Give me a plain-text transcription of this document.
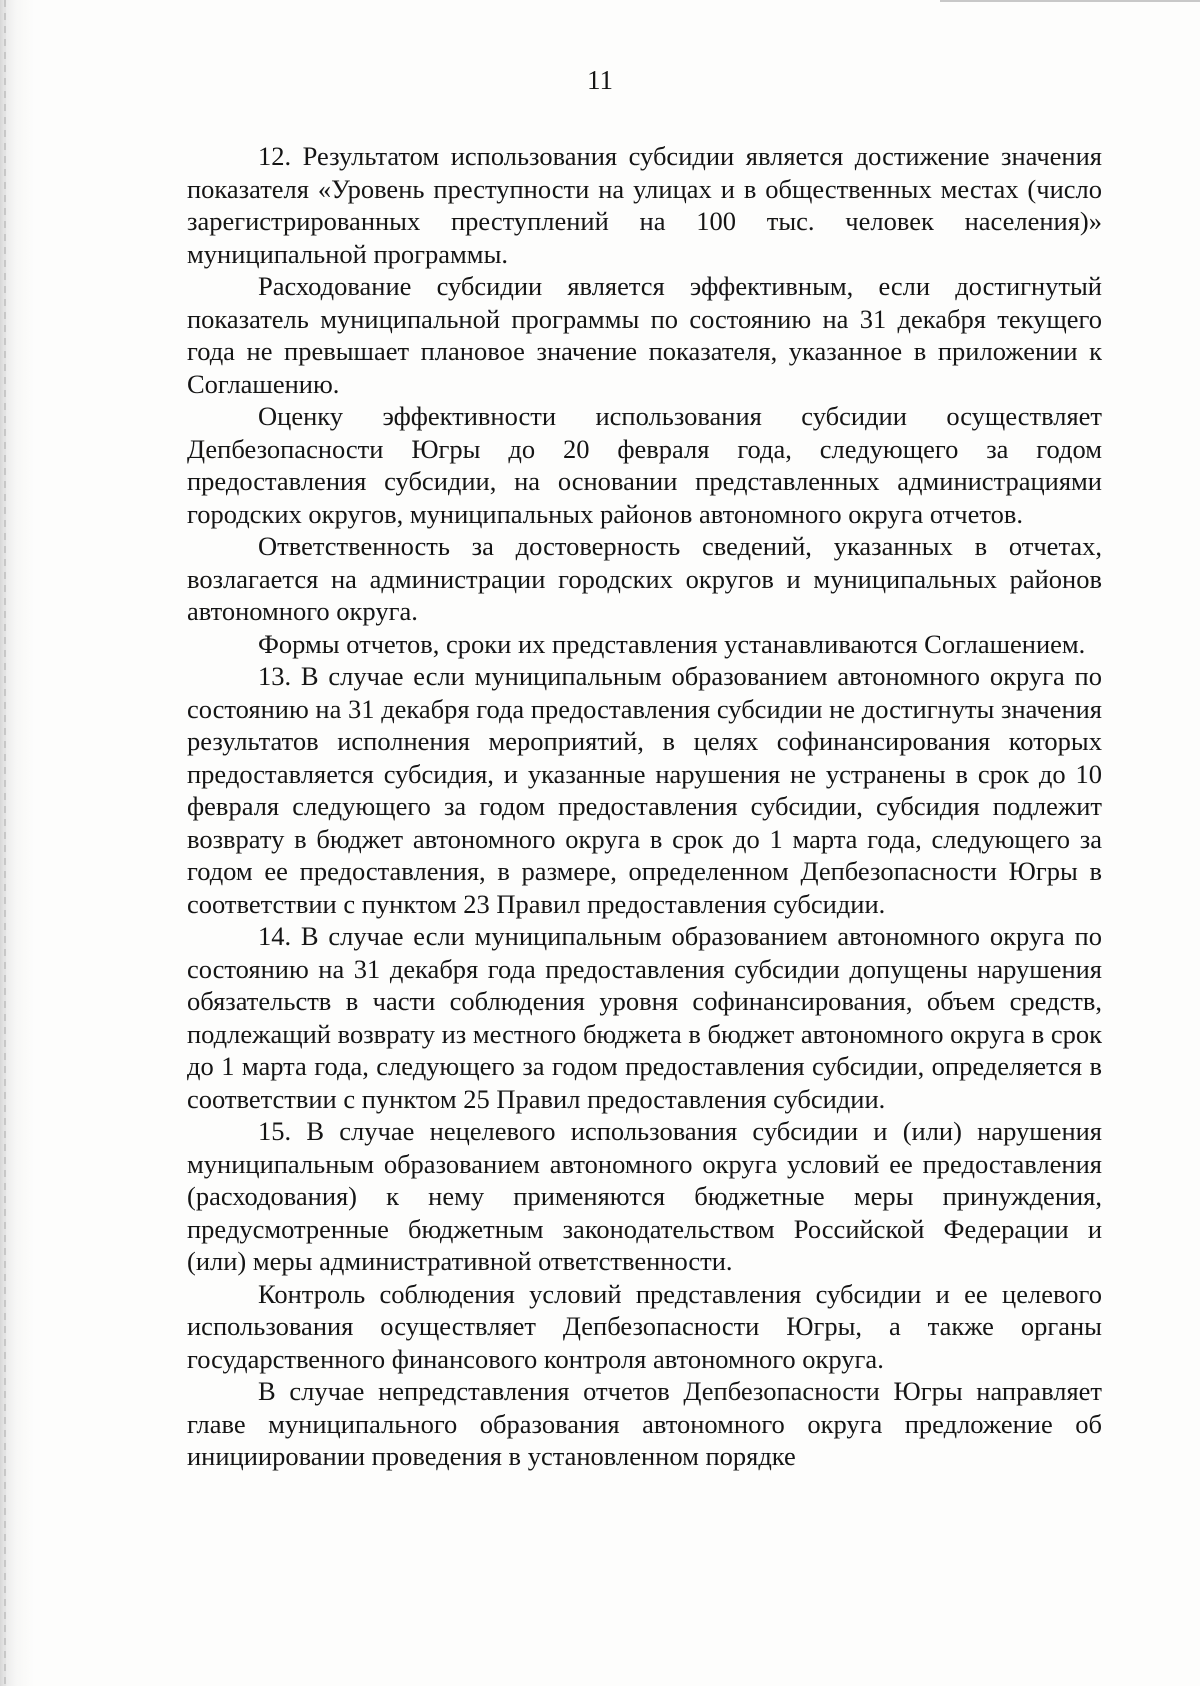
11

12. Результатом использования субсидии является достижение значения показателя «Уровень преступности на улицах и в общественных местах (число зарегистрированных преступлений на 100 тыс. человек населения)» муниципальной программы.

Расходование субсидии является эффективным, если достигнутый показатель муниципальной программы по состоянию на 31 декабря текущего года не превышает плановое значение показателя, указанное в приложении к Соглашению.

Оценку эффективности использования субсидии осуществляет Депбезопасности Югры до 20 февраля года, следующего за годом предоставления субсидии, на основании представленных администрациями городских округов, муниципальных районов автономного округа отчетов.

Ответственность за достоверность сведений, указанных в отчетах, возлагается на администрации городских округов и муниципальных районов автономного округа.

Формы отчетов, сроки их представления устанавливаются Соглашением.

13. В случае если муниципальным образованием автономного округа по состоянию на 31 декабря года предоставления субсидии не достигнуты значения результатов исполнения мероприятий, в целях софинансирования которых предоставляется субсидия, и указанные нарушения не устранены в срок до 10 февраля следующего за годом предоставления субсидии, субсидия подлежит возврату в бюджет автономного округа в срок до 1 марта года, следующего за годом ее предоставления, в размере, определенном Депбезопасности Югры в соответствии с пунктом 23 Правил предоставления субсидии.

14. В случае если муниципальным образованием автономного округа по состоянию на 31 декабря года предоставления субсидии допущены нарушения обязательств в части соблюдения уровня софинансирования, объем средств, подлежащий возврату из местного бюджета в бюджет автономного округа в срок до 1 марта года, следующего за годом предоставления субсидии, определяется в соответствии с пунктом 25 Правил предоставления субсидии.

15. В случае нецелевого использования субсидии и (или) нарушения муниципальным образованием автономного округа условий ее предоставления (расходования) к нему применяются бюджетные меры принуждения, предусмотренные бюджетным законодательством Российской Федерации и (или) меры административной ответственности.

Контроль соблюдения условий представления субсидии и ее целевого использования осуществляет Депбезопасности Югры, а также органы государственного финансового контроля автономного округа.

В случае непредставления отчетов Депбезопасности Югры направляет главе муниципального образования автономного округа предложение об инициировании проведения в установленном порядке
